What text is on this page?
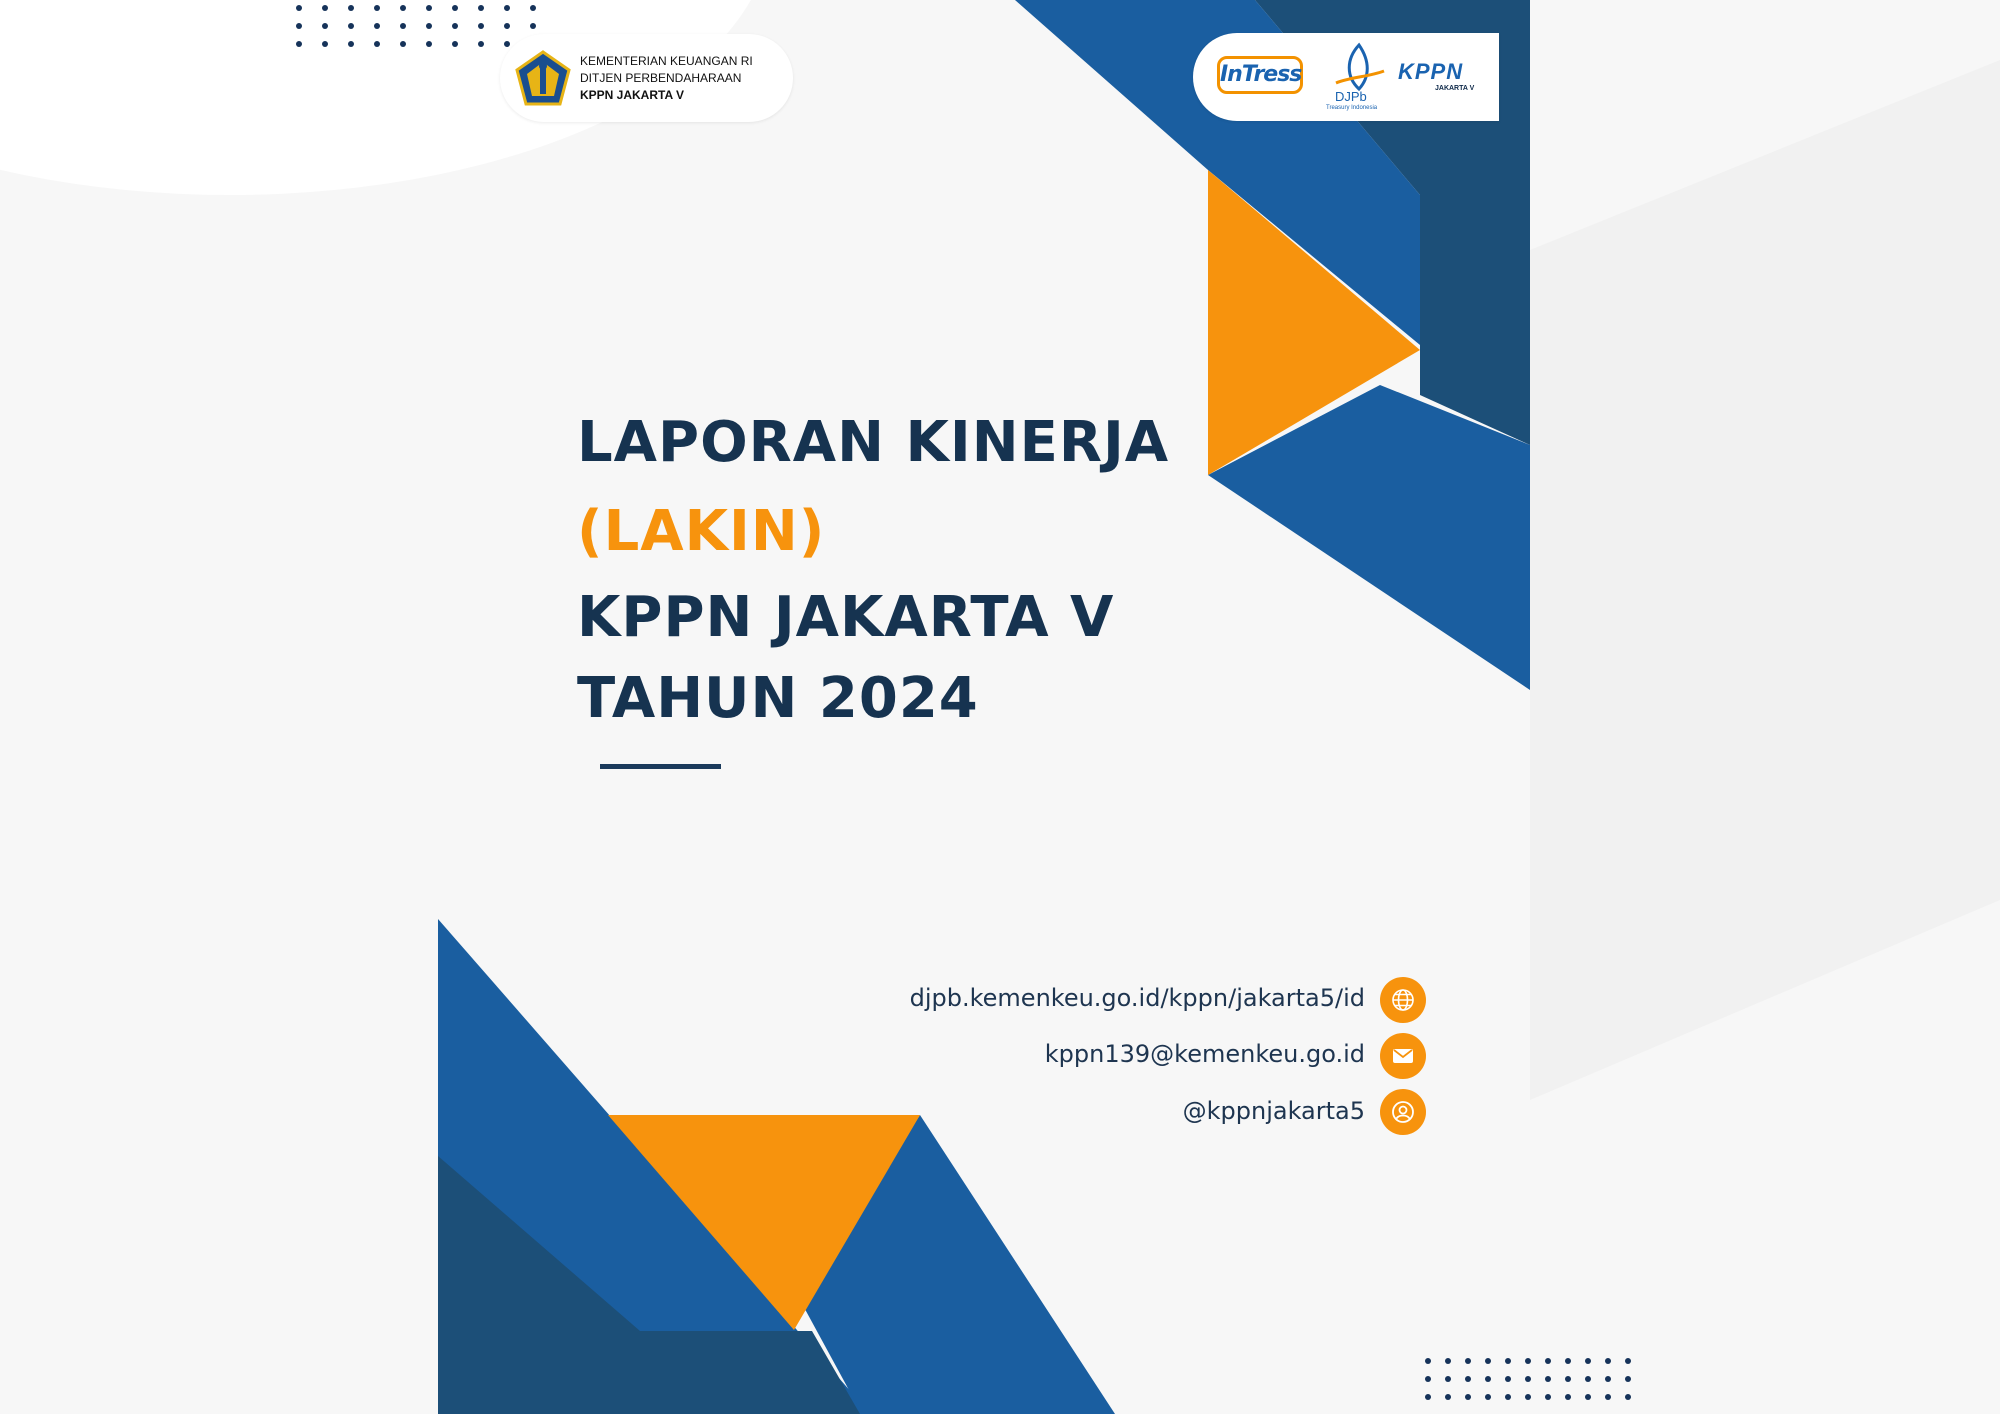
KEMENTERIAN KEUANGAN RI
DITJEN PERBENDAHARAAN
KPPN JAKARTA V
InTress
DJPb
Treasury Indonesia
KPPN
JAKARTA V
LAPORAN KINERJA
(LAKIN)
KPPN JAKARTA V
TAHUN 2024
djpb.kemenkeu.go.id/kppn/jakarta5/id
kppn139@kemenkeu.go.id
@kppnjakarta5
